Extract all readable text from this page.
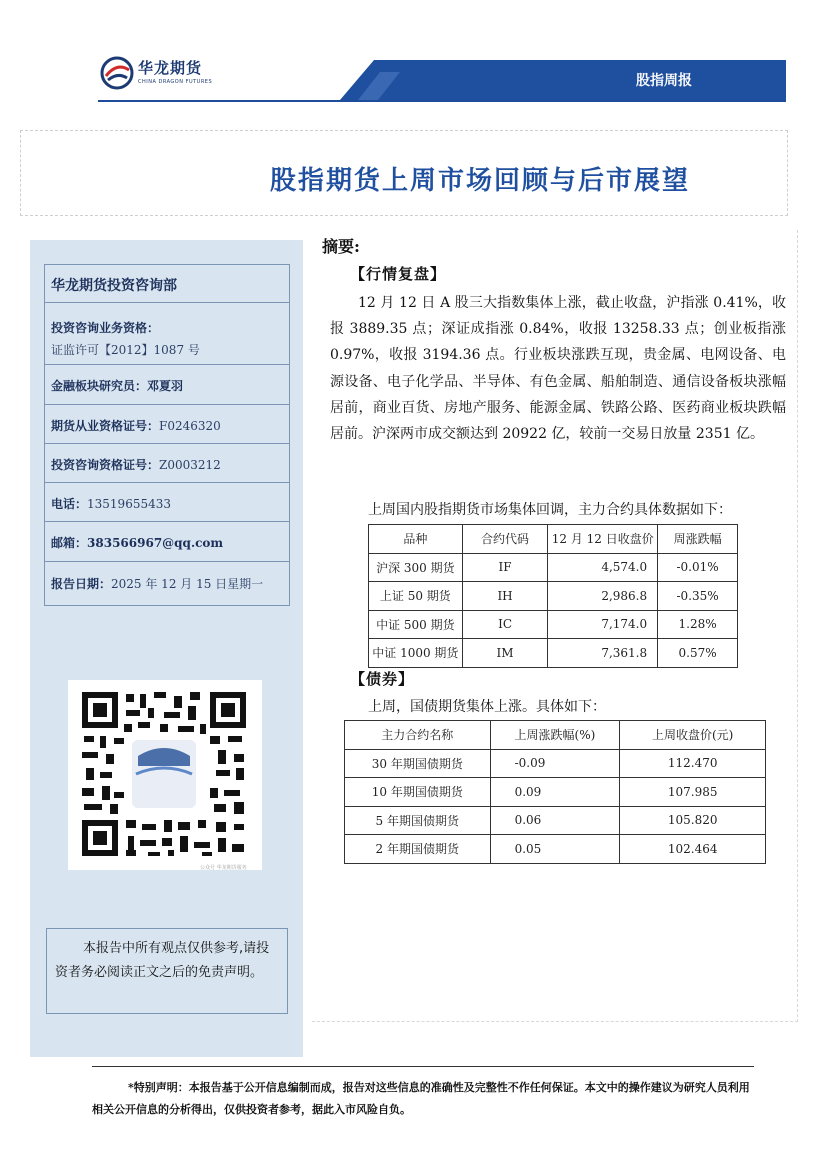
华龙期货
CHINA DRAGON FUTURES	股指周报
股指期货上周市场回顾与后市展望
华龙期货投资咨询部
投资咨询业务资格：
证监许可【2012】1087 号
金融板块研究员：邓夏羽
期货从业资格证号：F0246320
投资咨询资格证号：Z0003212
电话：13519655433
邮箱：383566967@qq.com
报告日期：2025 年 12 月 15 日星期一
公众号 华龙期货服务
本报告中所有观点仅供参考,请投资者务必阅读正文之后的免责声明。
摘要:
【行情复盘】
12 月 12 日 A 股三大指数集体上涨，截止收盘，沪指涨 0.41%，收报 3889.35 点；深证成指涨 0.84%，收报 13258.33 点；创业板指涨 0.97%，收报 3194.36 点。行业板块涨跌互现，贵金属、电网设备、电源设备、电子化学品、半导体、有色金属、船舶制造、通信设备板块涨幅居前，商业百货、房地产服务、能源金属、铁路公路、医药商业板块跌幅居前。沪深两市成交额达到 20922 亿，较前一交易日放量 2351 亿。
上周国内股指期货市场集体回调，主力合约具体数据如下：
品种	合约代码	12 月 12 日收盘价	周涨跌幅
沪深 300 期货	IF	4,574.0	-0.01%
上证 50 期货	IH	2,986.8	-0.35%
中证 500 期货	IC	7,174.0	1.28%
中证 1000 期货	IM	7,361.8	0.57%
【债券】
上周，国债期货集体上涨。具体如下：
主力合约名称	上周涨跌幅(%)	上周收盘价(元)
30 年期国债期货	-0.09	112.470
10 年期国债期货	0.09	107.985
5 年期国债期货	0.06	105.820
2 年期国债期货	0.05	102.464
*特别声明：本报告基于公开信息编制而成，报告对这些信息的准确性及完整性不作任何保证。本文中的操作建议为研究人员利用相关公开信息的分析得出，仅供投资者参考，据此入市风险自负。
